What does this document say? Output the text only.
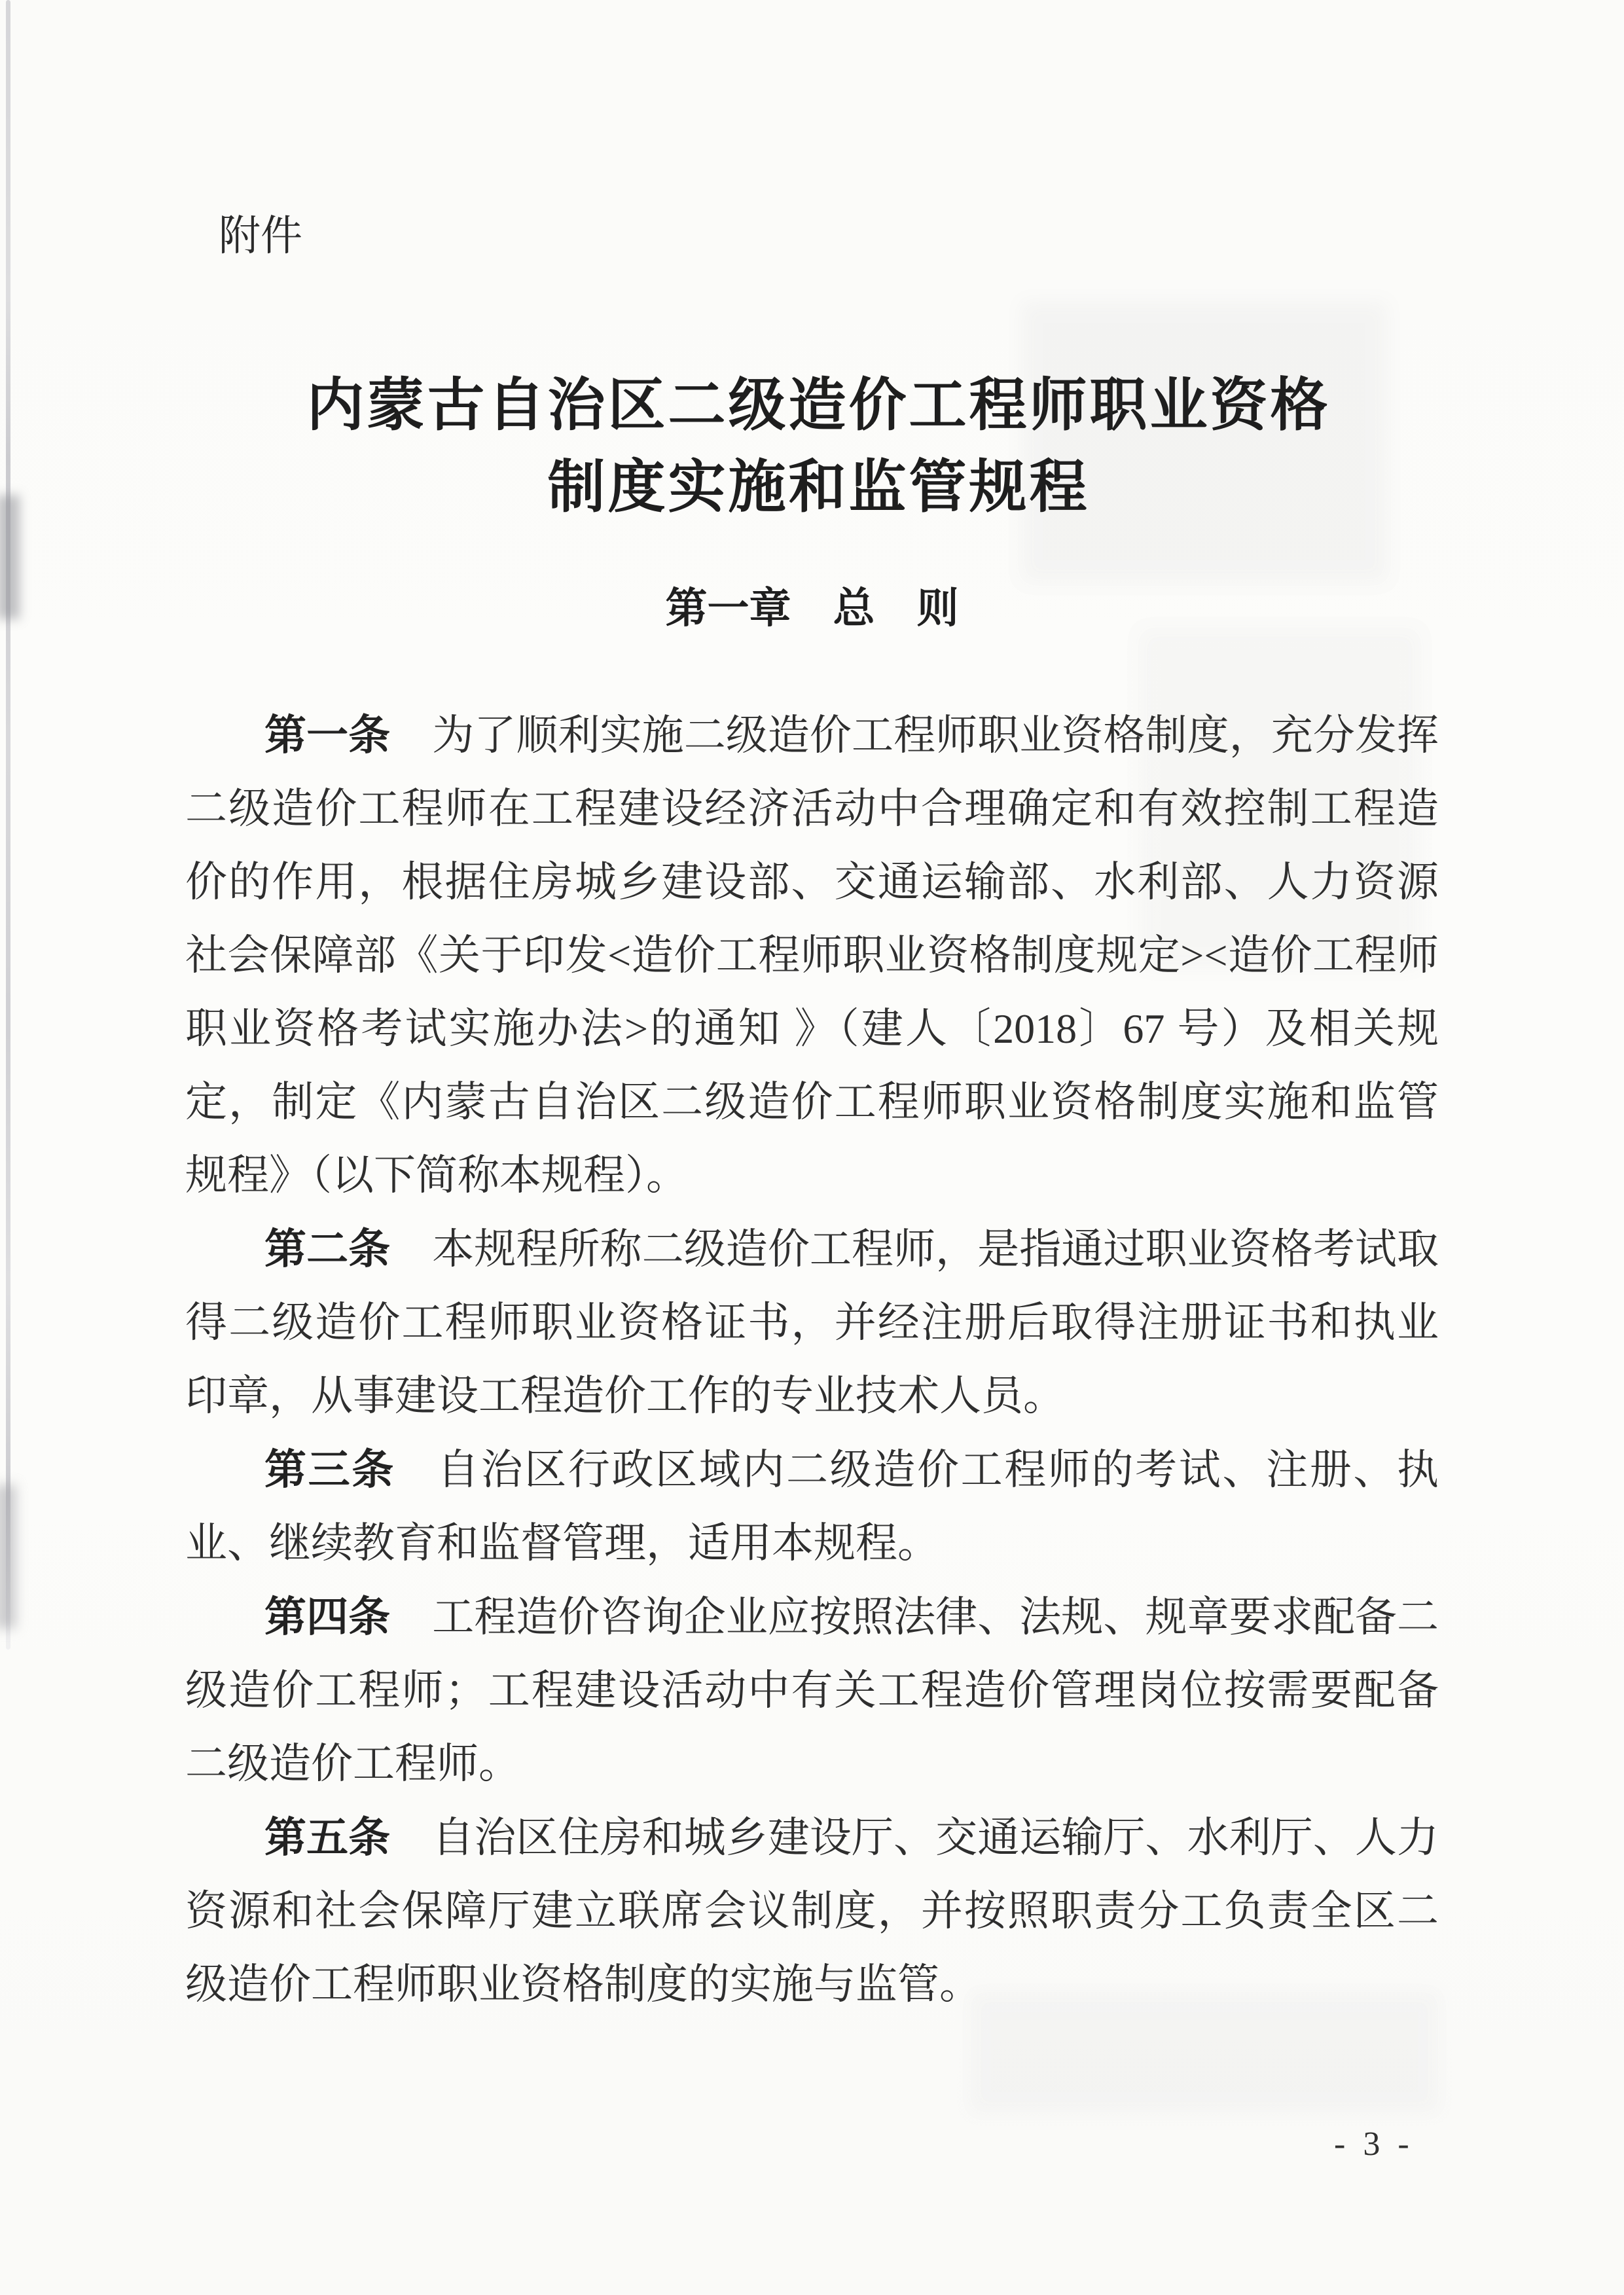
附件
内蒙古自治区二级造价工程师职业资格
制度实施和监管规程
第一章　总　则

第一条 为了顺利实施二级造价工程师职业资格制度，充分发挥二级造价工程师在工程建设经济活动中合理确定和有效控制工程造价的作用，根据住房城乡建设部、交通运输部、水利部、人力资源社会保障部《关于印发<造价工程师职业资格制度规定><造价工程师职业资格考试实施办法>的通知 》（建人〔2018〕67 号）及相关规定，制定《内蒙古自治区二级造价工程师职业资格制度实施和监管规程》（以下简称本规程）。

第二条 本规程所称二级造价工程师，是指通过职业资格考试取得二级造价工程师职业资格证书，并经注册后取得注册证书和执业印章，从事建设工程造价工作的专业技术人员。

第三条 自治区行政区域内二级造价工程师的考试、注册、执业、继续教育和监督管理，适用本规程。

第四条 工程造价咨询企业应按照法律、法规、规章要求配备二级造价工程师；工程建设活动中有关工程造价管理岗位按需要配备二级造价工程师。

第五条 自治区住房和城乡建设厅、交通运输厅、水利厅、人力资源和社会保障厅建立联席会议制度，并按照职责分工负责全区二级造价工程师职业资格制度的实施与监管。

- 3 -
